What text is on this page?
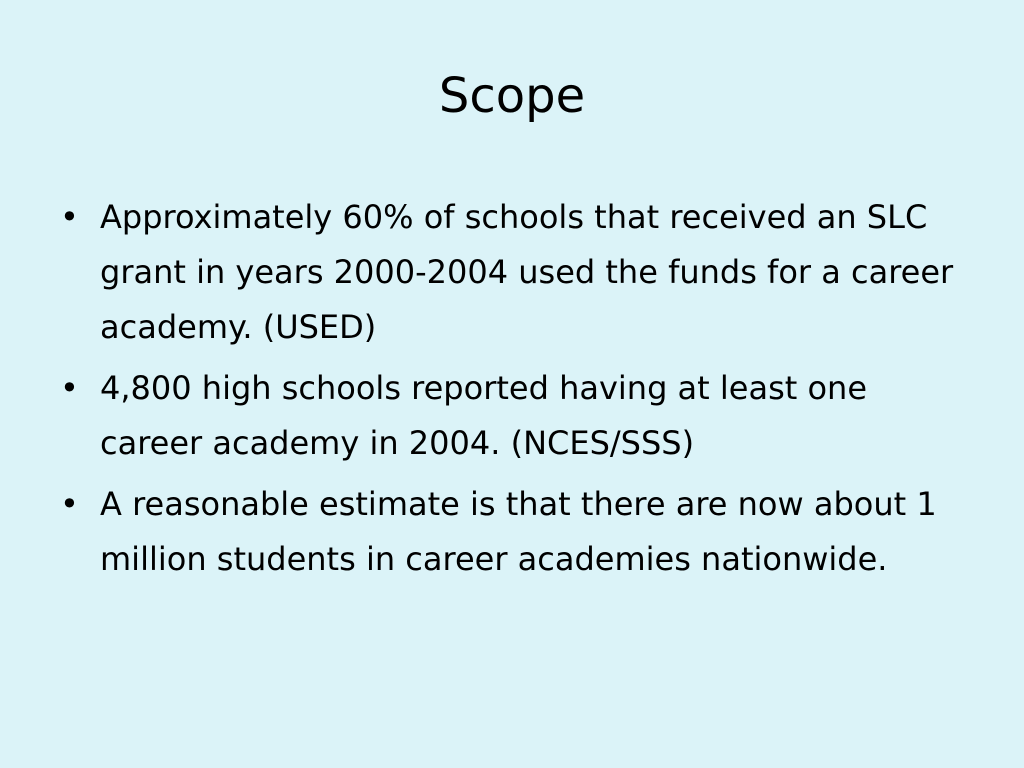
Scope
• Approximately 60% of schools that received an SLC grant in years 2000-2004 used the funds for a career academy. (USED)
• 4,800 high schools reported having at least one career academy in 2004. (NCES/SSS)
• A reasonable estimate is that there are now about 1 million students in career academies nationwide.
